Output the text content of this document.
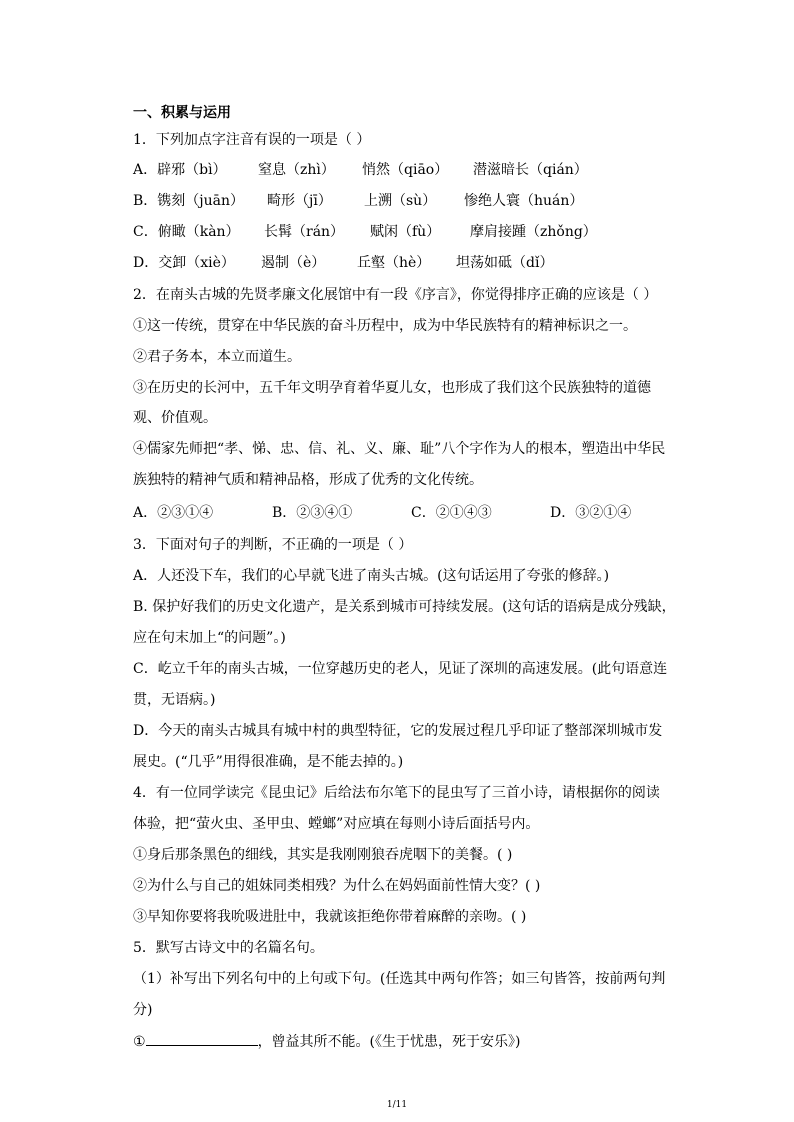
一、积累与运用
1．下列加点字注音有误的一项是（ ）
A．辟邪（bì） 窒息（zhì） 悄然（qiāo） 潜滋暗长（qián）
B．镌刻（juān） 畸形（jī） 上溯（sù） 惨绝人寰（huán）
C．俯瞰（kàn） 长髯（rán） 赋闲（fù） 摩肩接踵（zhǒng）
D．交卸（xiè） 遏制（è） 丘壑（hè） 坦荡如砥（dǐ）
2．在南头古城的先贤孝廉文化展馆中有一段《序言》，你觉得排序正确的应该是（ ）
①这一传统，贯穿在中华民族的奋斗历程中，成为中华民族特有的精神标识之一。
②君子务本，本立而道生。
③在历史的长河中，五千年文明孕育着华夏儿女，也形成了我们这个民族独特的道德
观、价值观。
④儒家先师把“孝、悌、忠、信、礼、义、廉、耻”八个字作为人的根本，塑造出中华民
族独特的精神气质和精神品格，形成了优秀的文化传统。
A．②③①④	B．②③④①	C．②①④③	D．③②①④
3．下面对句子的判断，不正确的一项是（ ）
A．人还没下车，我们的心早就飞进了南头古城。(这句话运用了夸张的修辞。)
B. 保护好我们的历史文化遗产，是关系到城市可持续发展。(这句话的语病是成分残缺，
应在句末加上“的问题”。)
C．屹立千年的南头古城，一位穿越历史的老人，见证了深圳的高速发展。(此句语意连
贯，无语病。)
D．今天的南头古城具有城中村的典型特征，它的发展过程几乎印证了整部深圳城市发
展史。(“几乎”用得很准确，是不能去掉的。)
4．有一位同学读完《昆虫记》后给法布尔笔下的昆虫写了三首小诗，请根据你的阅读
体验，把“萤火虫、圣甲虫、螳螂”对应填在每则小诗后面括号内。
①身后那条黑色的细线，其实是我刚刚狼吞虎咽下的美餐。( )
②为什么与自己的姐妹同类相残？为什么在妈妈面前性情大变？( )
③早知你要将我吮吸进肚中，我就该拒绝你带着麻醉的亲吻。( )
5．默写古诗文中的名篇名句。
（1）补写出下列名句中的上句或下句。(任选其中两句作答；如三句皆答，按前两句判
分)
①	，曾益其所不能。(《生于忧患，死于安乐》)
1/11
